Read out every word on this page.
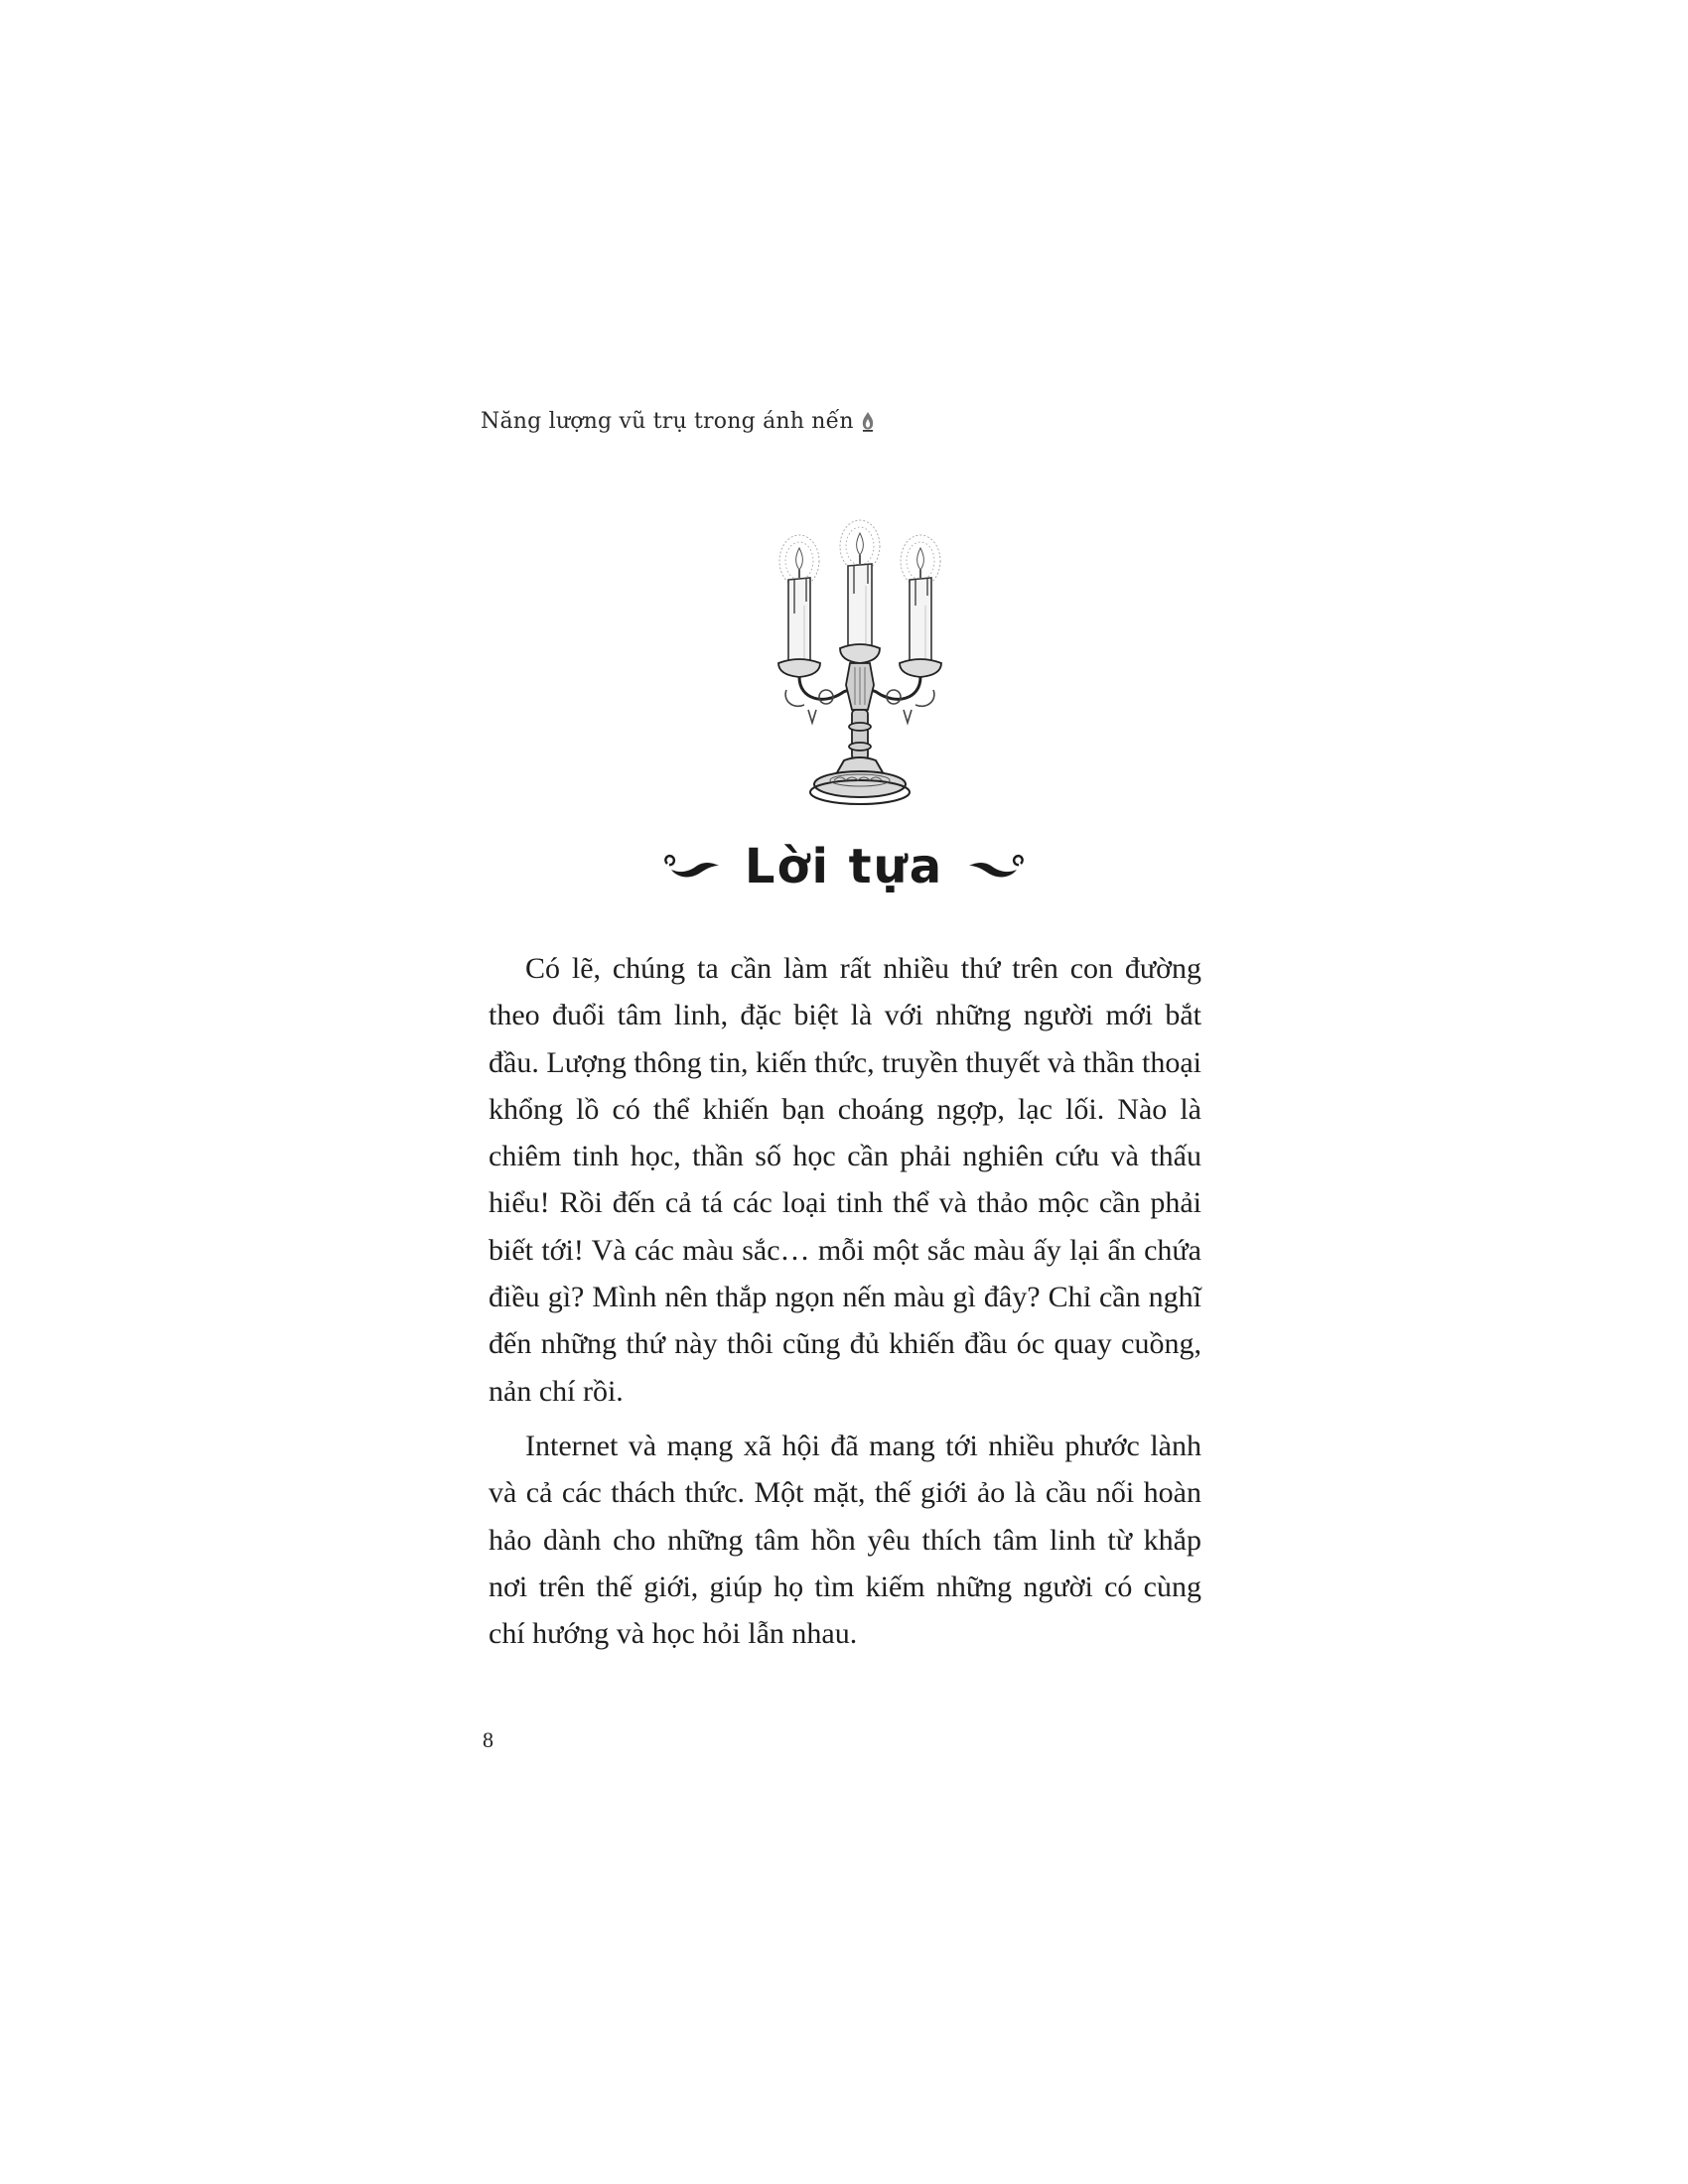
Năng lượng vũ trụ trong ánh nến
Lời tựa

Có lẽ, chúng ta cần làm rất nhiều thứ trên con đường theo đuổi tâm linh, đặc biệt là với những người mới bắt đầu. Lượng thông tin, kiến thức, truyền thuyết và thần thoại khổng lồ có thể khiến bạn choáng ngợp, lạc lối. Nào là chiêm tinh học, thần số học cần phải nghiên cứu và thấu hiểu! Rồi đến cả tá các loại tinh thể và thảo mộc cần phải biết tới! Và các màu sắc… mỗi một sắc màu ấy lại ẩn chứa điều gì? Mình nên thắp ngọn nến màu gì đây? Chỉ cần nghĩ đến những thứ này thôi cũng đủ khiến đầu óc quay cuồng, nản chí rồi.

Internet và mạng xã hội đã mang tới nhiều phước lành và cả các thách thức. Một mặt, thế giới ảo là cầu nối hoàn hảo dành cho những tâm hồn yêu thích tâm linh từ khắp nơi trên thế giới, giúp họ tìm kiếm những người có cùng chí hướng và học hỏi lẫn nhau.

8
